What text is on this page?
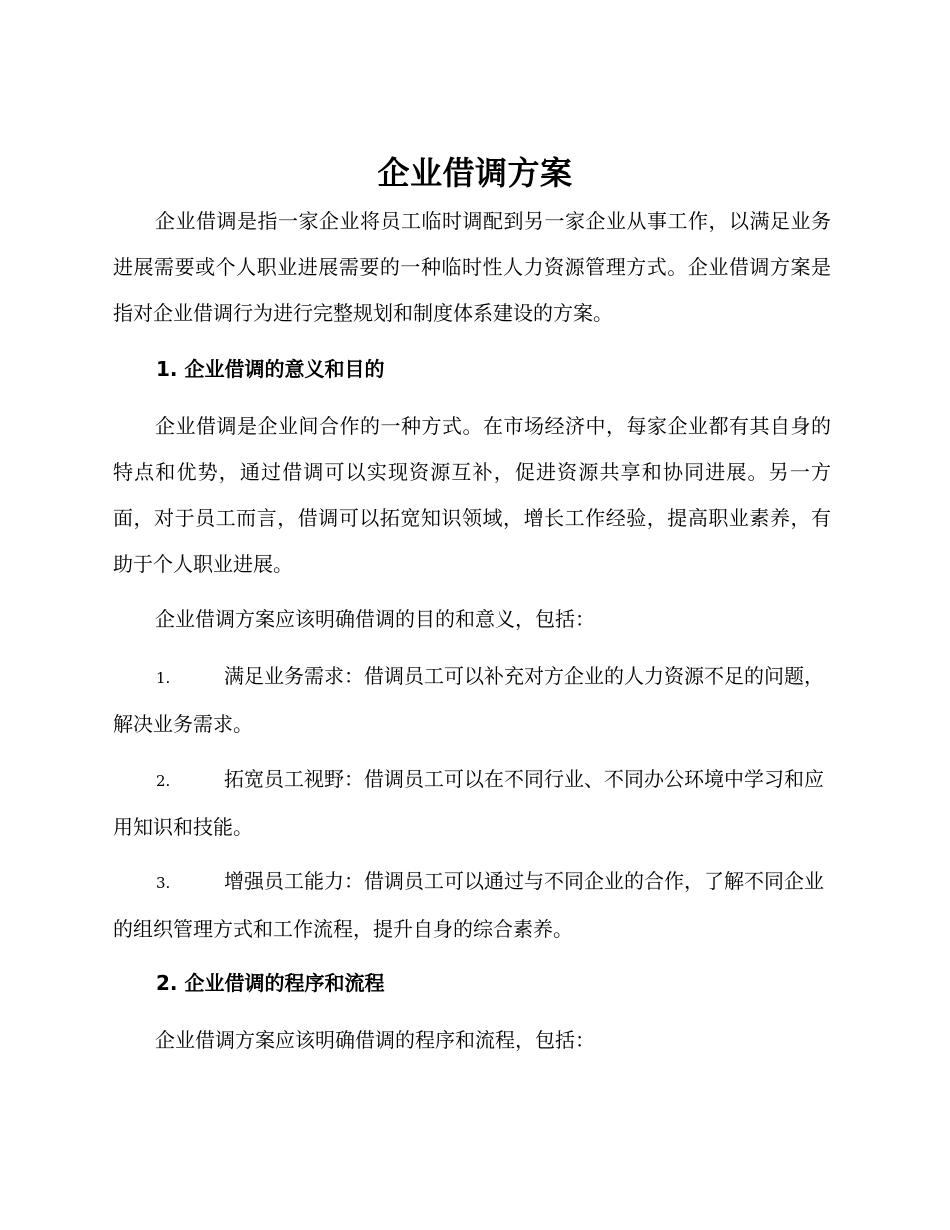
企业借调方案

企业借调是指一家企业将员工临时调配到另一家企业从事工作，以满足业务进展需要或个人职业进展需要的一种临时性人力资源管理方式。企业借调方案是指对企业借调行为进行完整规划和制度体系建设的方案。

1. 企业借调的意义和目的

企业借调是企业间合作的一种方式。在市场经济中，每家企业都有其自身的特点和优势，通过借调可以实现资源互补，促进资源共享和协同进展。另一方面，对于员工而言，借调可以拓宽知识领域，增长工作经验，提高职业素养，有助于个人职业进展。

企业借调方案应该明确借调的目的和意义，包括：

1.	满足业务需求：借调员工可以补充对方企业的人力资源不足的问题，解决业务需求。

2.	拓宽员工视野：借调员工可以在不同行业、不同办公环境中学习和应用知识和技能。

3.	增强员工能力：借调员工可以通过与不同企业的合作，了解不同企业的组织管理方式和工作流程，提升自身的综合素养。

2. 企业借调的程序和流程

企业借调方案应该明确借调的程序和流程，包括：
